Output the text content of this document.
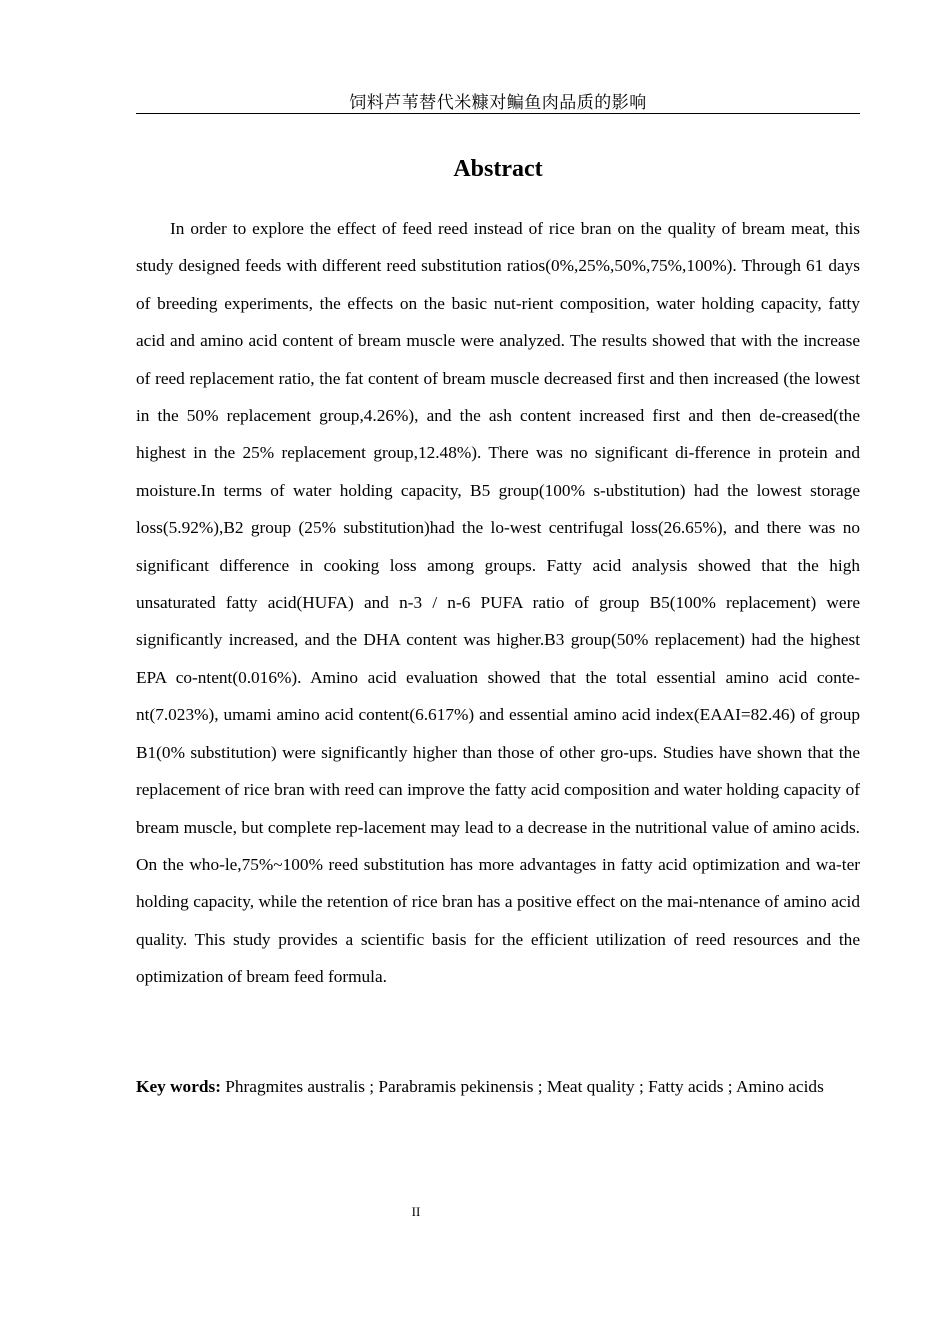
饲料芦苇替代米糠对鳊鱼肉品质的影响
Abstract

In order to explore the effect of feed reed instead of rice bran on the quality of bream meat, this study designed feeds with different reed substitution ratios(0%,25%,50%,75%,100%). Through 61 days of breeding experiments, the effects on the basic nut-rient composition, water holding capacity, fatty acid and amino acid content of bream muscle were analyzed. The results showed that with the increase of reed replacement ratio, the fat content of bream muscle decreased first and then increased (the lowest in the 50% replacement group,4.26%), and the ash content increased first and then de-creased(the highest in the 25% replacement group,12.48%). There was no significant di-fference in protein and moisture.In terms of water holding capacity, B5 group(100% s-ubstitution) had the lowest storage loss(5.92%),B2 group (25% substitution)had the lo-west centrifugal loss(26.65%), and there was no significant difference in cooking loss among groups. Fatty acid analysis showed that the high unsaturated fatty acid(HUFA) and n-3 / n-6 PUFA ratio of group B5(100% replacement) were significantly increased, and the DHA content was higher.B3 group(50% replacement) had the highest EPA co-ntent(0.016%). Amino acid evaluation showed that the total essential amino acid conte-nt(7.023%), umami amino acid content(6.617%) and essential amino acid index(EAAI=82.46) of group B1(0% substitution) were significantly higher than those of other gro-ups. Studies have shown that the replacement of rice bran with reed can improve the fatty acid composition and water holding capacity of bream muscle, but complete rep-lacement may lead to a decrease in the nutritional value of amino acids. On the who-le,75%~100% reed substitution has more advantages in fatty acid optimization and wa-ter holding capacity, while the retention of rice bran has a positive effect on the mai-ntenance of amino acid quality. This study provides a scientific basis for the efficient utilization of reed resources and the optimization of bream feed formula.

Key words: Phragmites australis ; Parabramis pekinensis ; Meat quality ; Fatty acids ; Amino acids

II
